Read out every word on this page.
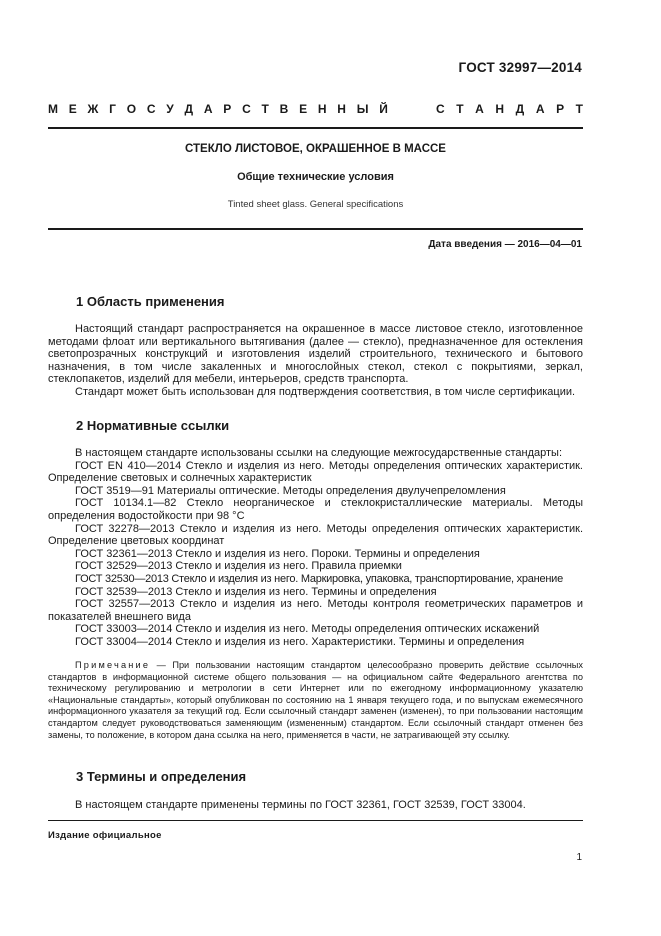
ГОСТ 32997—2014
М Е Ж Г О С У Д А Р С Т В Е Н Н Ы Й	С Т А Н Д А Р Т
СТЕКЛО ЛИСТОВОЕ, ОКРАШЕННОЕ В МАССЕ
Общие технические условия
Tinted sheet glass. General specifications
Дата введения — 2016—04—01
1 Область применения

Настоящий стандарт распространяется на окрашенное в массе листовое стекло, изготовленное методами флоат или вертикального вытягивания (далее — стекло), предназначенное для остекления светопрозрачных конструкций и изготовления изделий строительного, технического и бытового назначения, в том числе закаленных и многослойных стекол, стекол с покрытиями, зеркал, стеклопакетов, изделий для мебели, интерьеров, средств транспорта.

Стандарт может быть использован для подтверждения соответствия, в том числе сертификации.

2 Нормативные ссылки

В настоящем стандарте использованы ссылки на следующие межгосударственные стандарты:

ГОСТ EN 410—2014 Стекло и изделия из него. Методы определения оптических характеристик. Определение световых и солнечных характеристик

ГОСТ 3519—91 Материалы оптические. Методы определения двулучепреломления

ГОСТ 10134.1—82 Стекло неорганическое и стеклокристаллические материалы. Методы определения водостойкости при 98 °С

ГОСТ 32278—2013 Стекло и изделия из него. Методы определения оптических характеристик. Определение цветовых координат

ГОСТ 32361—2013 Стекло и изделия из него. Пороки. Термины и определения

ГОСТ 32529—2013 Стекло и изделия из него. Правила приемки

ГОСТ 32530—2013 Стекло и изделия из него. Маркировка, упаковка, транспортирование, хранение

ГОСТ 32539—2013 Стекло и изделия из него. Термины и определения

ГОСТ 32557—2013 Стекло и изделия из него. Методы контроля геометрических параметров и показателей внешнего вида

ГОСТ 33003—2014 Стекло и изделия из него. Методы определения оптических искажений

ГОСТ 33004—2014 Стекло и изделия из него. Характеристики. Термины и определения

Примечание — При пользовании настоящим стандартом целесообразно проверить действие ссылочных стандартов в информационной системе общего пользования — на официальном сайте Федерального агентства по техническому регулированию и метрологии в сети Интернет или по ежегодному информационному указателю «Национальные стандарты», который опубликован по состоянию на 1 января текущего года, и по выпускам ежемесячного информационного указателя за текущий год. Если ссылочный стандарт заменен (изменен), то при пользовании настоящим стандартом следует руководствоваться заменяющим (измененным) стандартом. Если ссылочный стандарт отменен без замены, то положение, в котором дана ссылка на него, применяется в части, не затрагивающей эту ссылку.

3 Термины и определения

В настоящем стандарте применены термины по ГОСТ 32361, ГОСТ 32539, ГОСТ 33004.

Издание официальное
1
